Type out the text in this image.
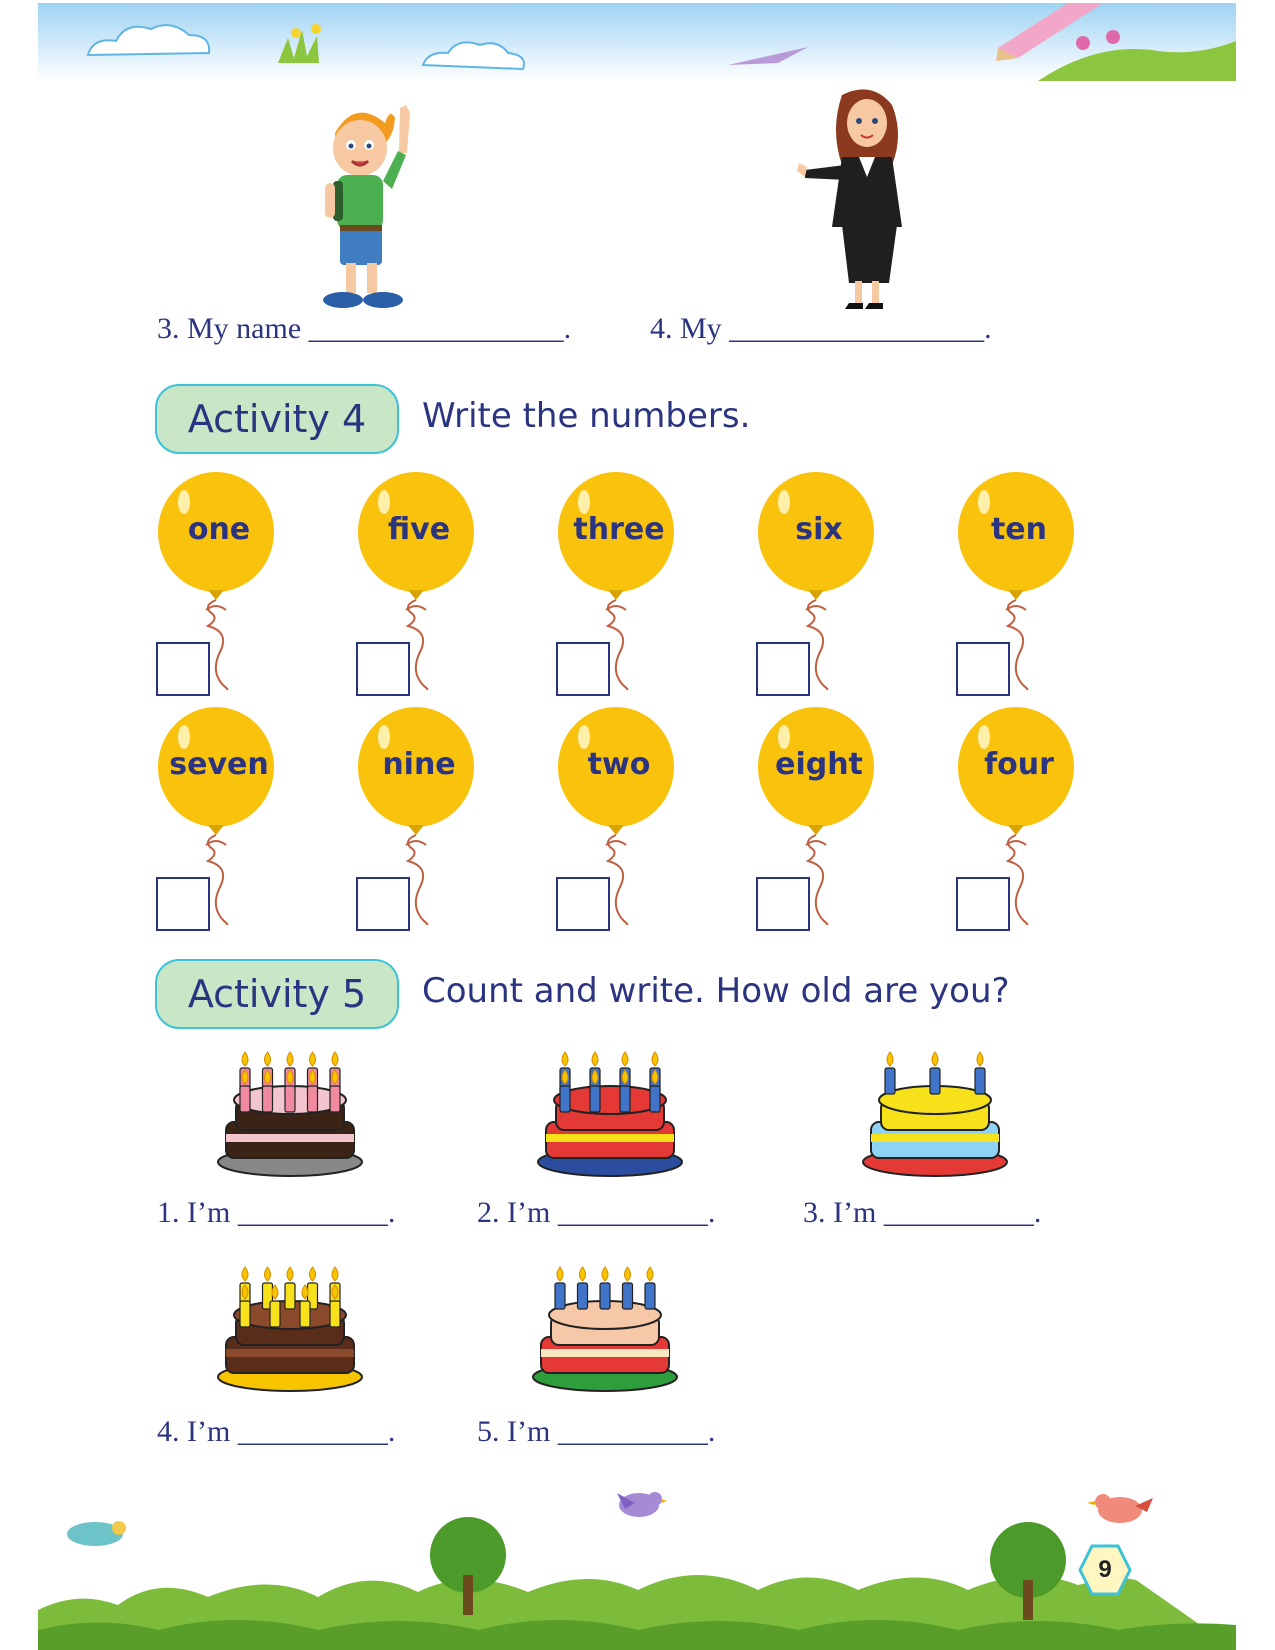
3. My name _________________.	4. My _________________.
Activity 4	Write the numbers.
one	five	three	six	ten
seven	nine	two	eight	four
Activity 5	Count and write. How old are you?
1. I’m __________.	2. I’m __________.	3. I’m __________.
4. I’m __________.	5. I’m __________.
9
